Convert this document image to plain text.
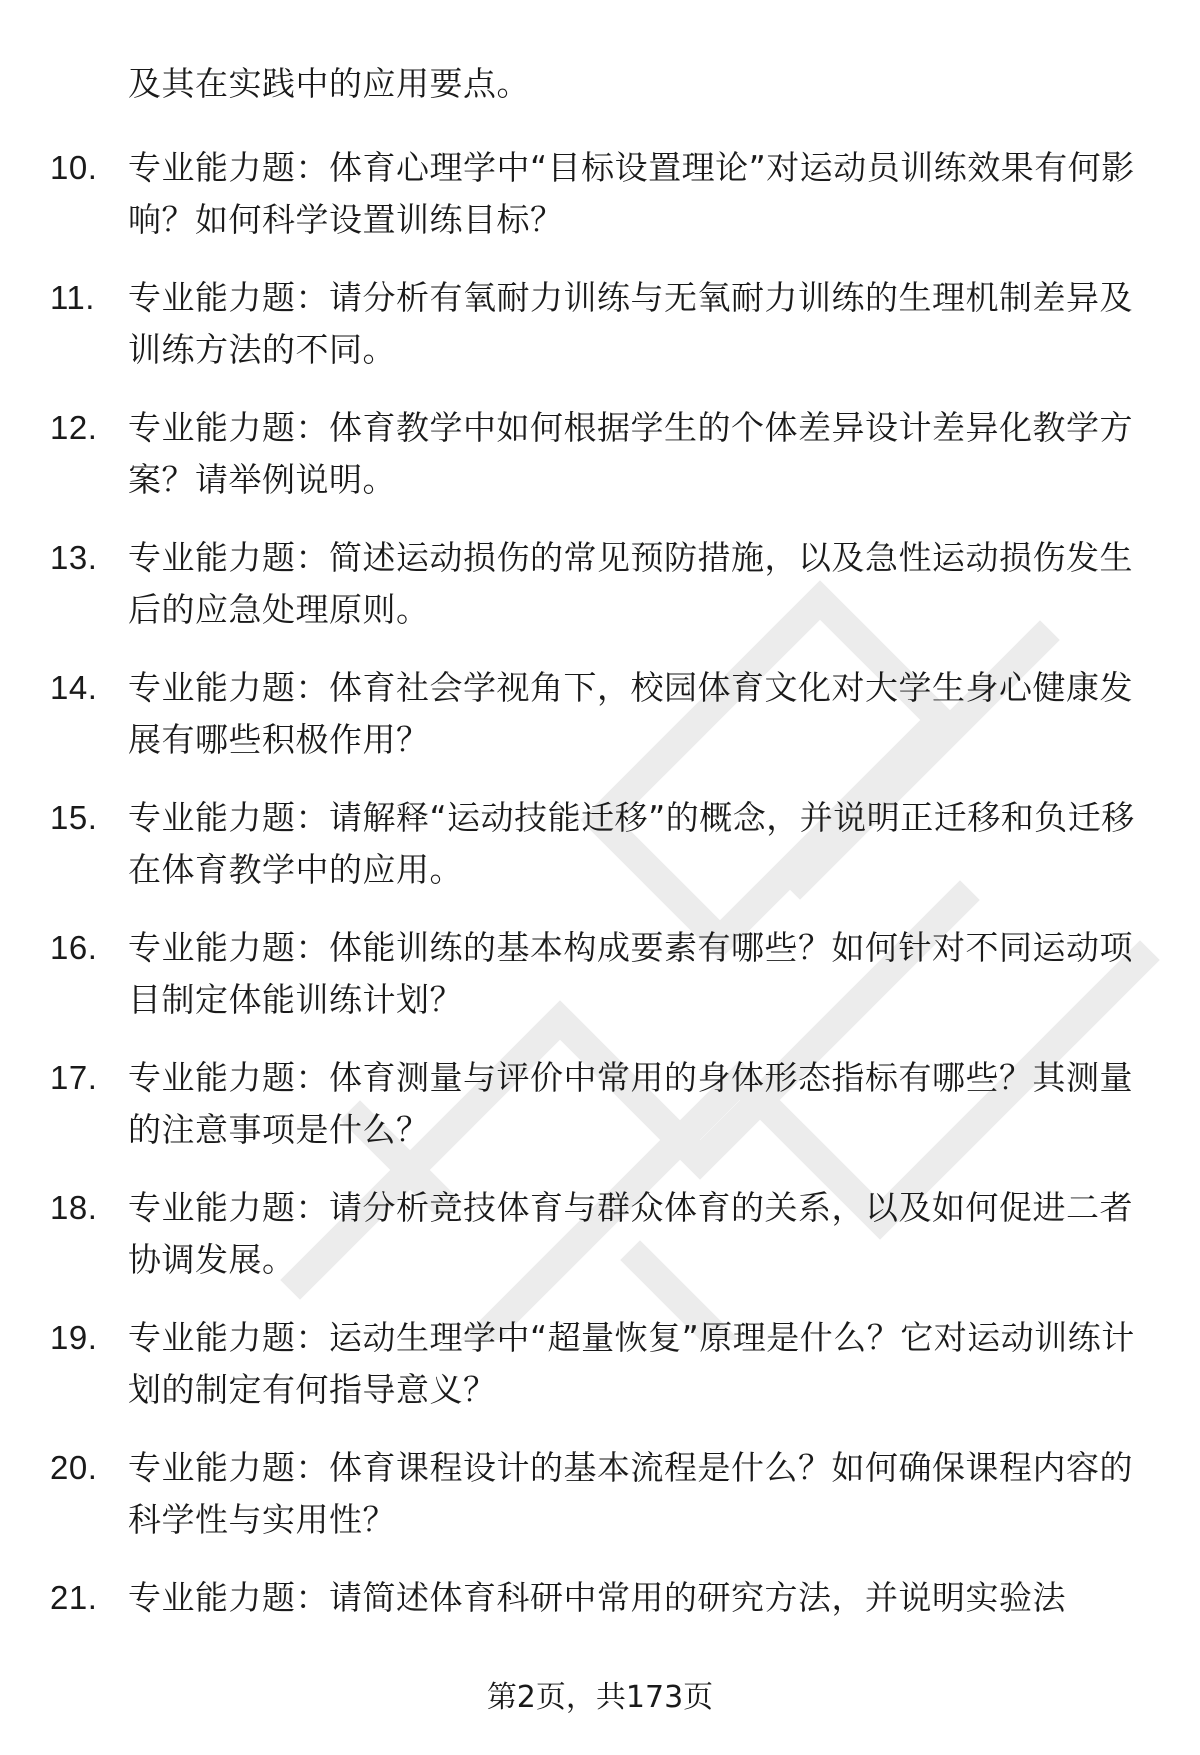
及其在实践中的应用要点。
10. 专业能力题：体育心理学中“目标设置理论”对运动员训练效果有何影响？如何科学设置训练目标？
11.	专业能力题：请分析有氧耐力训练与无氧耐力训练的生理机制差异及训练方法的不同。
12. 专业能力题：体育教学中如何根据学生的个体差异设计差异化教学方案？请举例说明。
13. 专业能力题：简述运动损伤的常见预防措施，以及急性运动损伤发生后的应急处理原则。
14. 专业能力题：体育社会学视角下，校园体育文化对大学生身心健康发展有哪些积极作用？
15. 专业能力题：请解释“运动技能迁移”的概念，并说明正迁移和负迁移在体育教学中的应用。
16. 专业能力题：体能训练的基本构成要素有哪些？如何针对不同运动项目制定体能训练计划？
17. 专业能力题：体育测量与评价中常用的身体形态指标有哪些？其测量的注意事项是什么？
18. 专业能力题：请分析竞技体育与群众体育的关系，以及如何促进二者协调发展。
19. 专业能力题：运动生理学中“超量恢复”原理是什么？它对运动训练计划的制定有何指导意义？
20. 专业能力题：体育课程设计的基本流程是什么？如何确保课程内容的科学性与实用性？
21. 专业能力题：请简述体育科研中常用的研究方法，并说明实验法
第2页，共173页
